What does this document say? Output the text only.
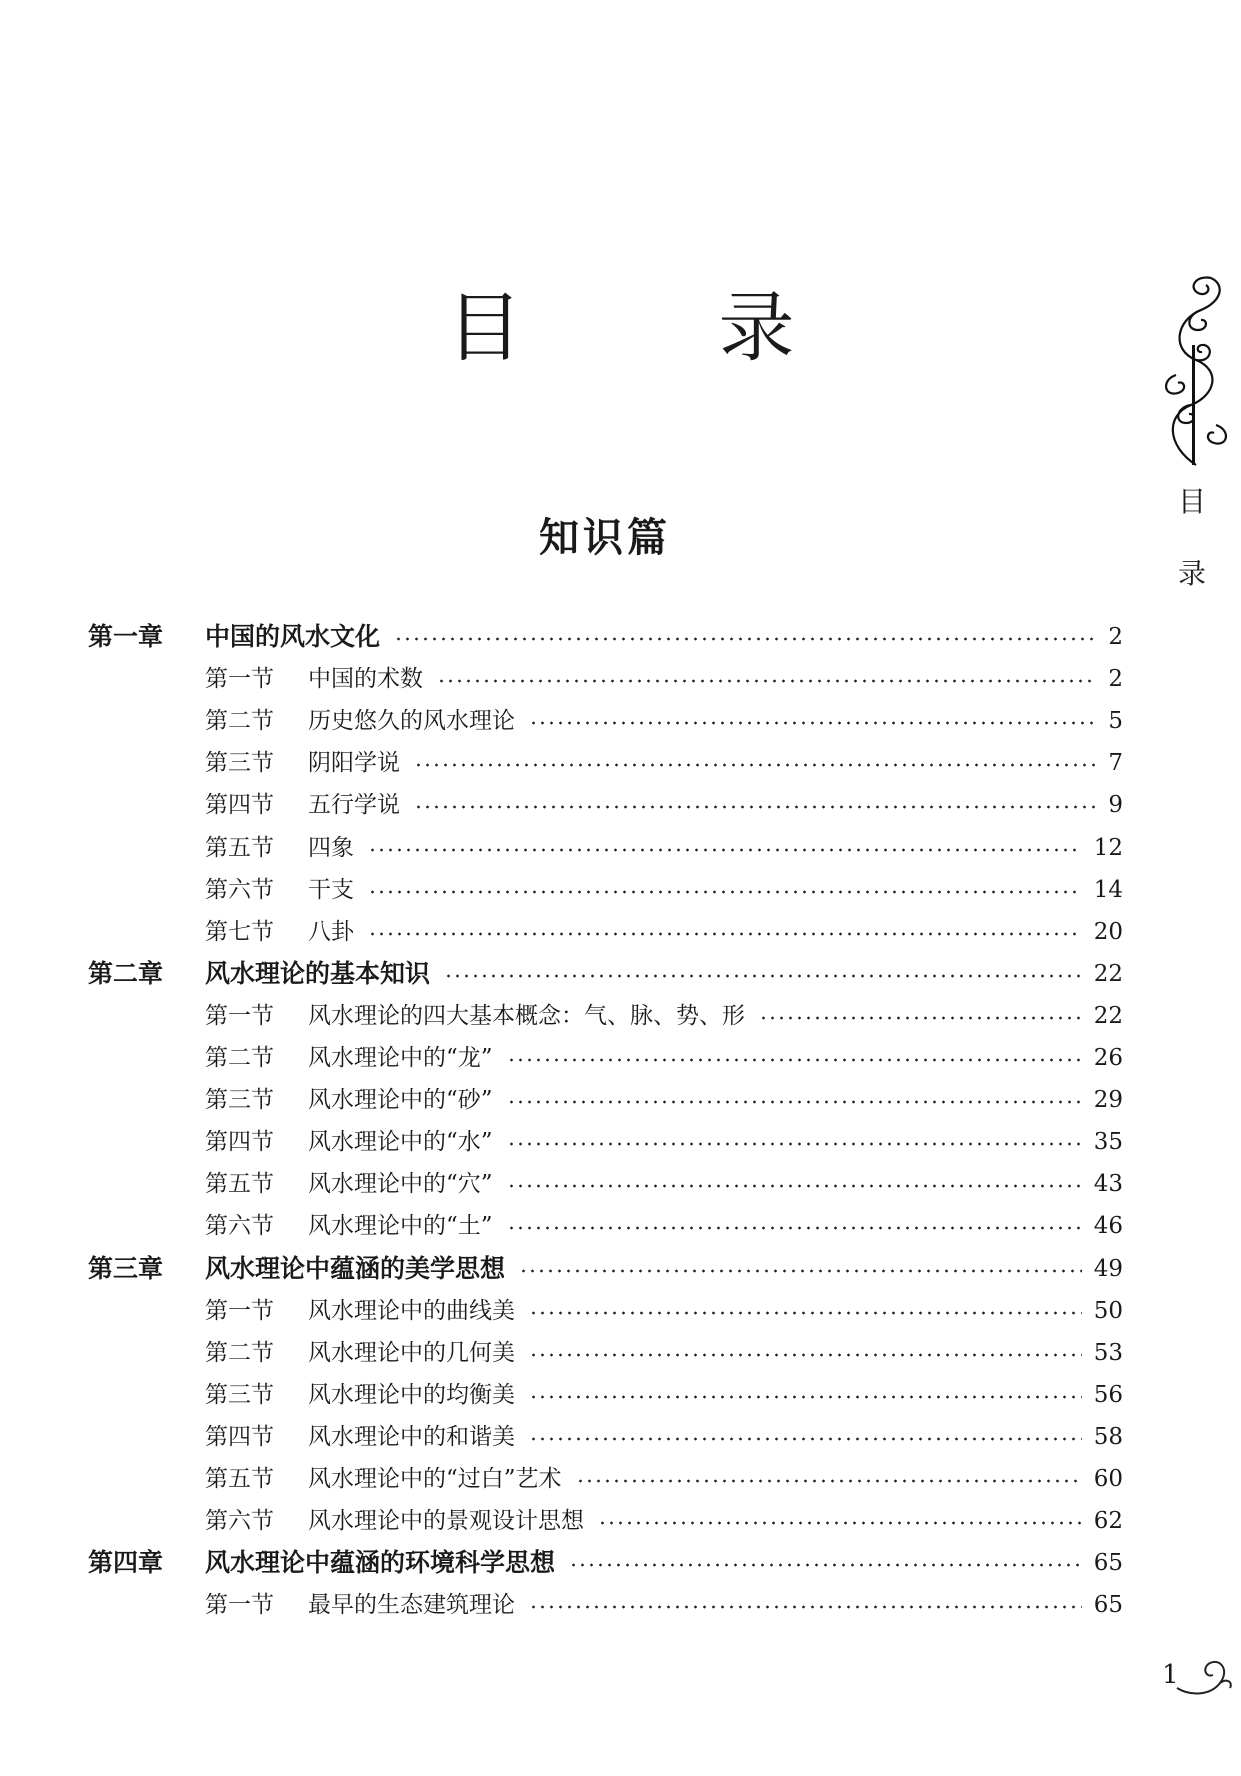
目　录
知识篇
目
录
第一章 中国的风水文化	2
第一节 中国的术数	2
第二节 历史悠久的风水理论	5
第三节 阴阳学说	7
第四节 五行学说	9
第五节 四象	12
第六节 干支	14
第七节 八卦	20
第二章 风水理论的基本知识	22
第一节 风水理论的四大基本概念：气、脉、势、形	22
第二节 风水理论中的“龙”	26
第三节 风水理论中的“砂”	29
第四节 风水理论中的“水”	35
第五节 风水理论中的“穴”	43
第六节 风水理论中的“土”	46
第三章 风水理论中蕴涵的美学思想	49
第一节 风水理论中的曲线美	50
第二节 风水理论中的几何美	53
第三节 风水理论中的均衡美	56
第四节 风水理论中的和谐美	58
第五节 风水理论中的“过白”艺术	60
第六节 风水理论中的景观设计思想	62
第四章 风水理论中蕴涵的环境科学思想	65
第一节 最早的生态建筑理论	65
1
